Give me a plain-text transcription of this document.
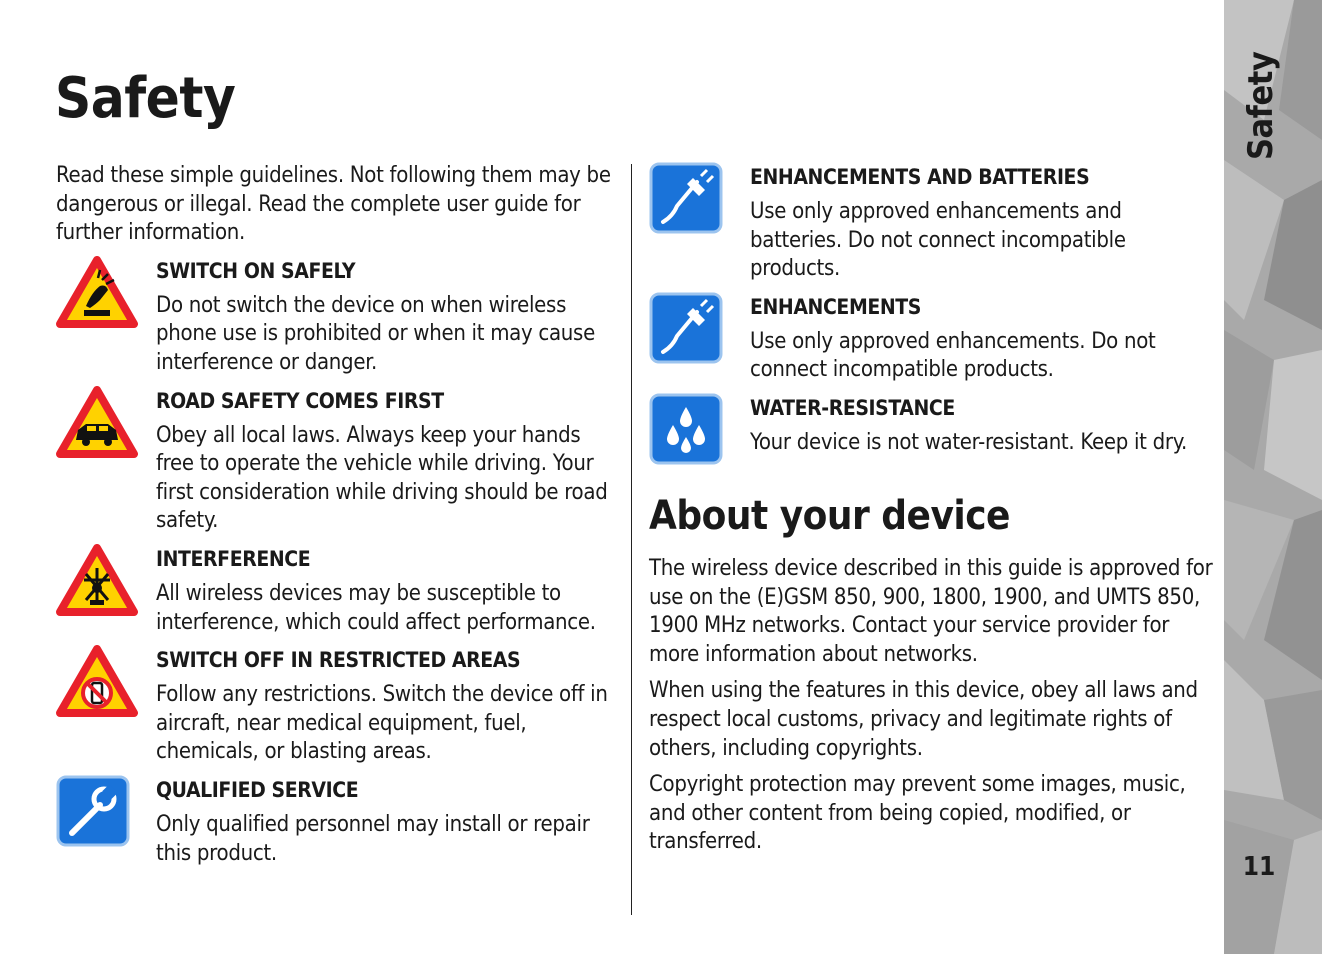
Safety

Read these simple guidelines. Not following them may be dangerous or illegal. Read the complete user guide for further information.

SWITCH ON SAFELY

Do not switch the device on when wireless phone use is prohibited or when it may cause interference or danger.

ROAD SAFETY COMES FIRST

Obey all local laws. Always keep your hands free to operate the vehicle while driving. Your first consideration while driving should be road safety.

INTERFERENCE

All wireless devices may be susceptible to interference, which could affect performance.

SWITCH OFF IN RESTRICTED AREAS

Follow any restrictions. Switch the device off in aircraft, near medical equipment, fuel, chemicals, or blasting areas.

QUALIFIED SERVICE

Only qualified personnel may install or repair this product.

ENHANCEMENTS AND BATTERIES

Use only approved enhancements and batteries. Do not connect incompatible products.

ENHANCEMENTS

Use only approved enhancements. Do not connect incompatible products.

WATER-RESISTANCE

Your device is not water-resistant. Keep it dry.

About your device

The wireless device described in this guide is approved for use on the (E)GSM 850, 900, 1800, 1900, and UMTS 850, 1900 MHz networks. Contact your service provider for more information about networks.

When using the features in this device, obey all laws and respect local customs, privacy and legitimate rights of others, including copyrights.

Copyright protection may prevent some images, music, and other content from being copied, modified, or transferred.

Safety
11
